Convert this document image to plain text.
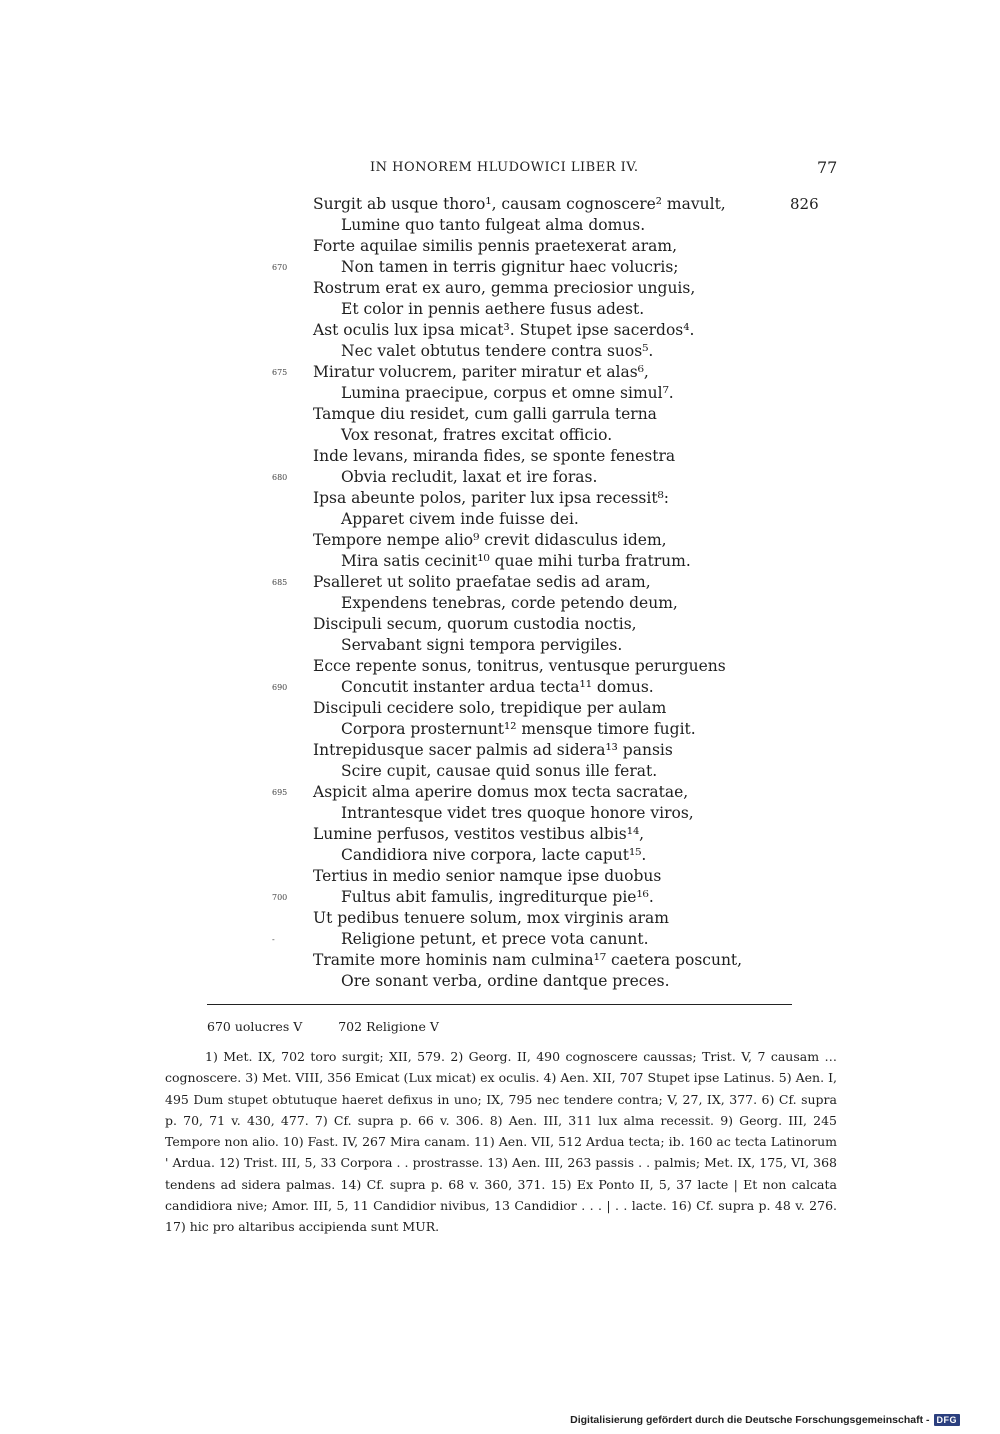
IN HONOREM HLUDOWICI LIBER IV.	77
Surgit ab usque thoro¹, causam cognoscere² mavult,	826
Lumine quo tanto fulgeat alma domus.
Forte aquilae similis pennis praetexerat aram,
670	Non tamen in terris gignitur haec volucris;
Rostrum erat ex auro, gemma preciosior unguis,
Et color in pennis aethere fusus adest.
Ast oculis lux ipsa micat³. Stupet ipse sacerdos⁴.
Nec valet obtutus tendere contra suos⁵.
675 Miratur volucrem, pariter miratur et alas⁶,
Lumina praecipue, corpus et omne simul⁷.
Tamque diu residet, cum galli garrula terna
Vox resonat, fratres excitat officio.
Inde levans, miranda fides, se sponte fenestra
680	Obvia recludit, laxat et ire foras.
Ipsa abeunte polos, pariter lux ipsa recessit⁸:
Apparet civem inde fuisse dei.
Tempore nempe alio⁹ crevit didasculus idem,
Mira satis cecinit¹⁰ quae mihi turba fratrum.
685 Psalleret ut solito praefatae sedis ad aram,
Expendens tenebras, corde petendo deum,
Discipuli secum, quorum custodia noctis,
Servabant signi tempora pervigiles.
Ecce repente sonus, tonitrus, ventusque perurguens
690	Concutit instanter ardua tecta¹¹ domus.
Discipuli cecidere solo, trepidique per aulam
Corpora prosternunt¹² mensque timore fugit.
Intrepidusque sacer palmis ad sidera¹³ pansis
Scire cupit, causae quid sonus ille ferat.
695 Aspicit alma aperire domus mox tecta sacratae,
Intrantesque videt tres quoque honore viros,
Lumine perfusos, vestitos vestibus albis¹⁴,
Candidiora nive corpora, lacte caput¹⁵.
Tertius in medio senior namque ipse duobus
700	Fultus abit famulis, ingrediturque pie¹⁶.
Ut pedibus tenuere solum, mox virginis aram
-	Religione petunt, et prece vota canunt.
Tramite more hominis nam culmina¹⁷ caetera poscunt,
Ore sonant verba, ordine dantque preces.
670 uolucres V	702 Religione V
1) Met. IX, 702 toro surgit; XII, 579. 2) Georg. II, 490 cognoscere caussas; Trist. V, 7 causam … cognoscere. 3) Met. VIII, 356 Emicat (Lux micat) ex oculis. 4) Aen. XII, 707 Stupet ipse Latinus. 5) Aen. I, 495 Dum stupet obtutuque haeret defixus in uno; IX, 795 nec tendere contra; V, 27, IX, 377. 6) Cf. supra p. 70, 71 v. 430, 477. 7) Cf. supra p. 66 v. 306. 8) Aen. III, 311 lux alma recessit. 9) Georg. III, 245 Tempore non alio. 10) Fast. IV, 267 Mira canam. 11) Aen. VII, 512 Ardua tecta; ib. 160 ac tecta Latinorum ' Ardua. 12) Trist. III, 5, 33 Corpora . . prostrasse. 13) Aen. III, 263 passis . . palmis; Met. IX, 175, VI, 368 tendens ad sidera palmas. 14) Cf. supra p. 68 v. 360, 371. 15) Ex Ponto II, 5, 37 lacte | Et non calcata candidiora nive; Amor. III, 5, 11 Candidior nivibus, 13 Candidior . . . | . . lacte. 16) Cf. supra p. 48 v. 276. 17) hic pro altaribus accipienda sunt MUR.
Digitalisierung gefördert durch die Deutsche Forschungsgemeinschaft - DFG
